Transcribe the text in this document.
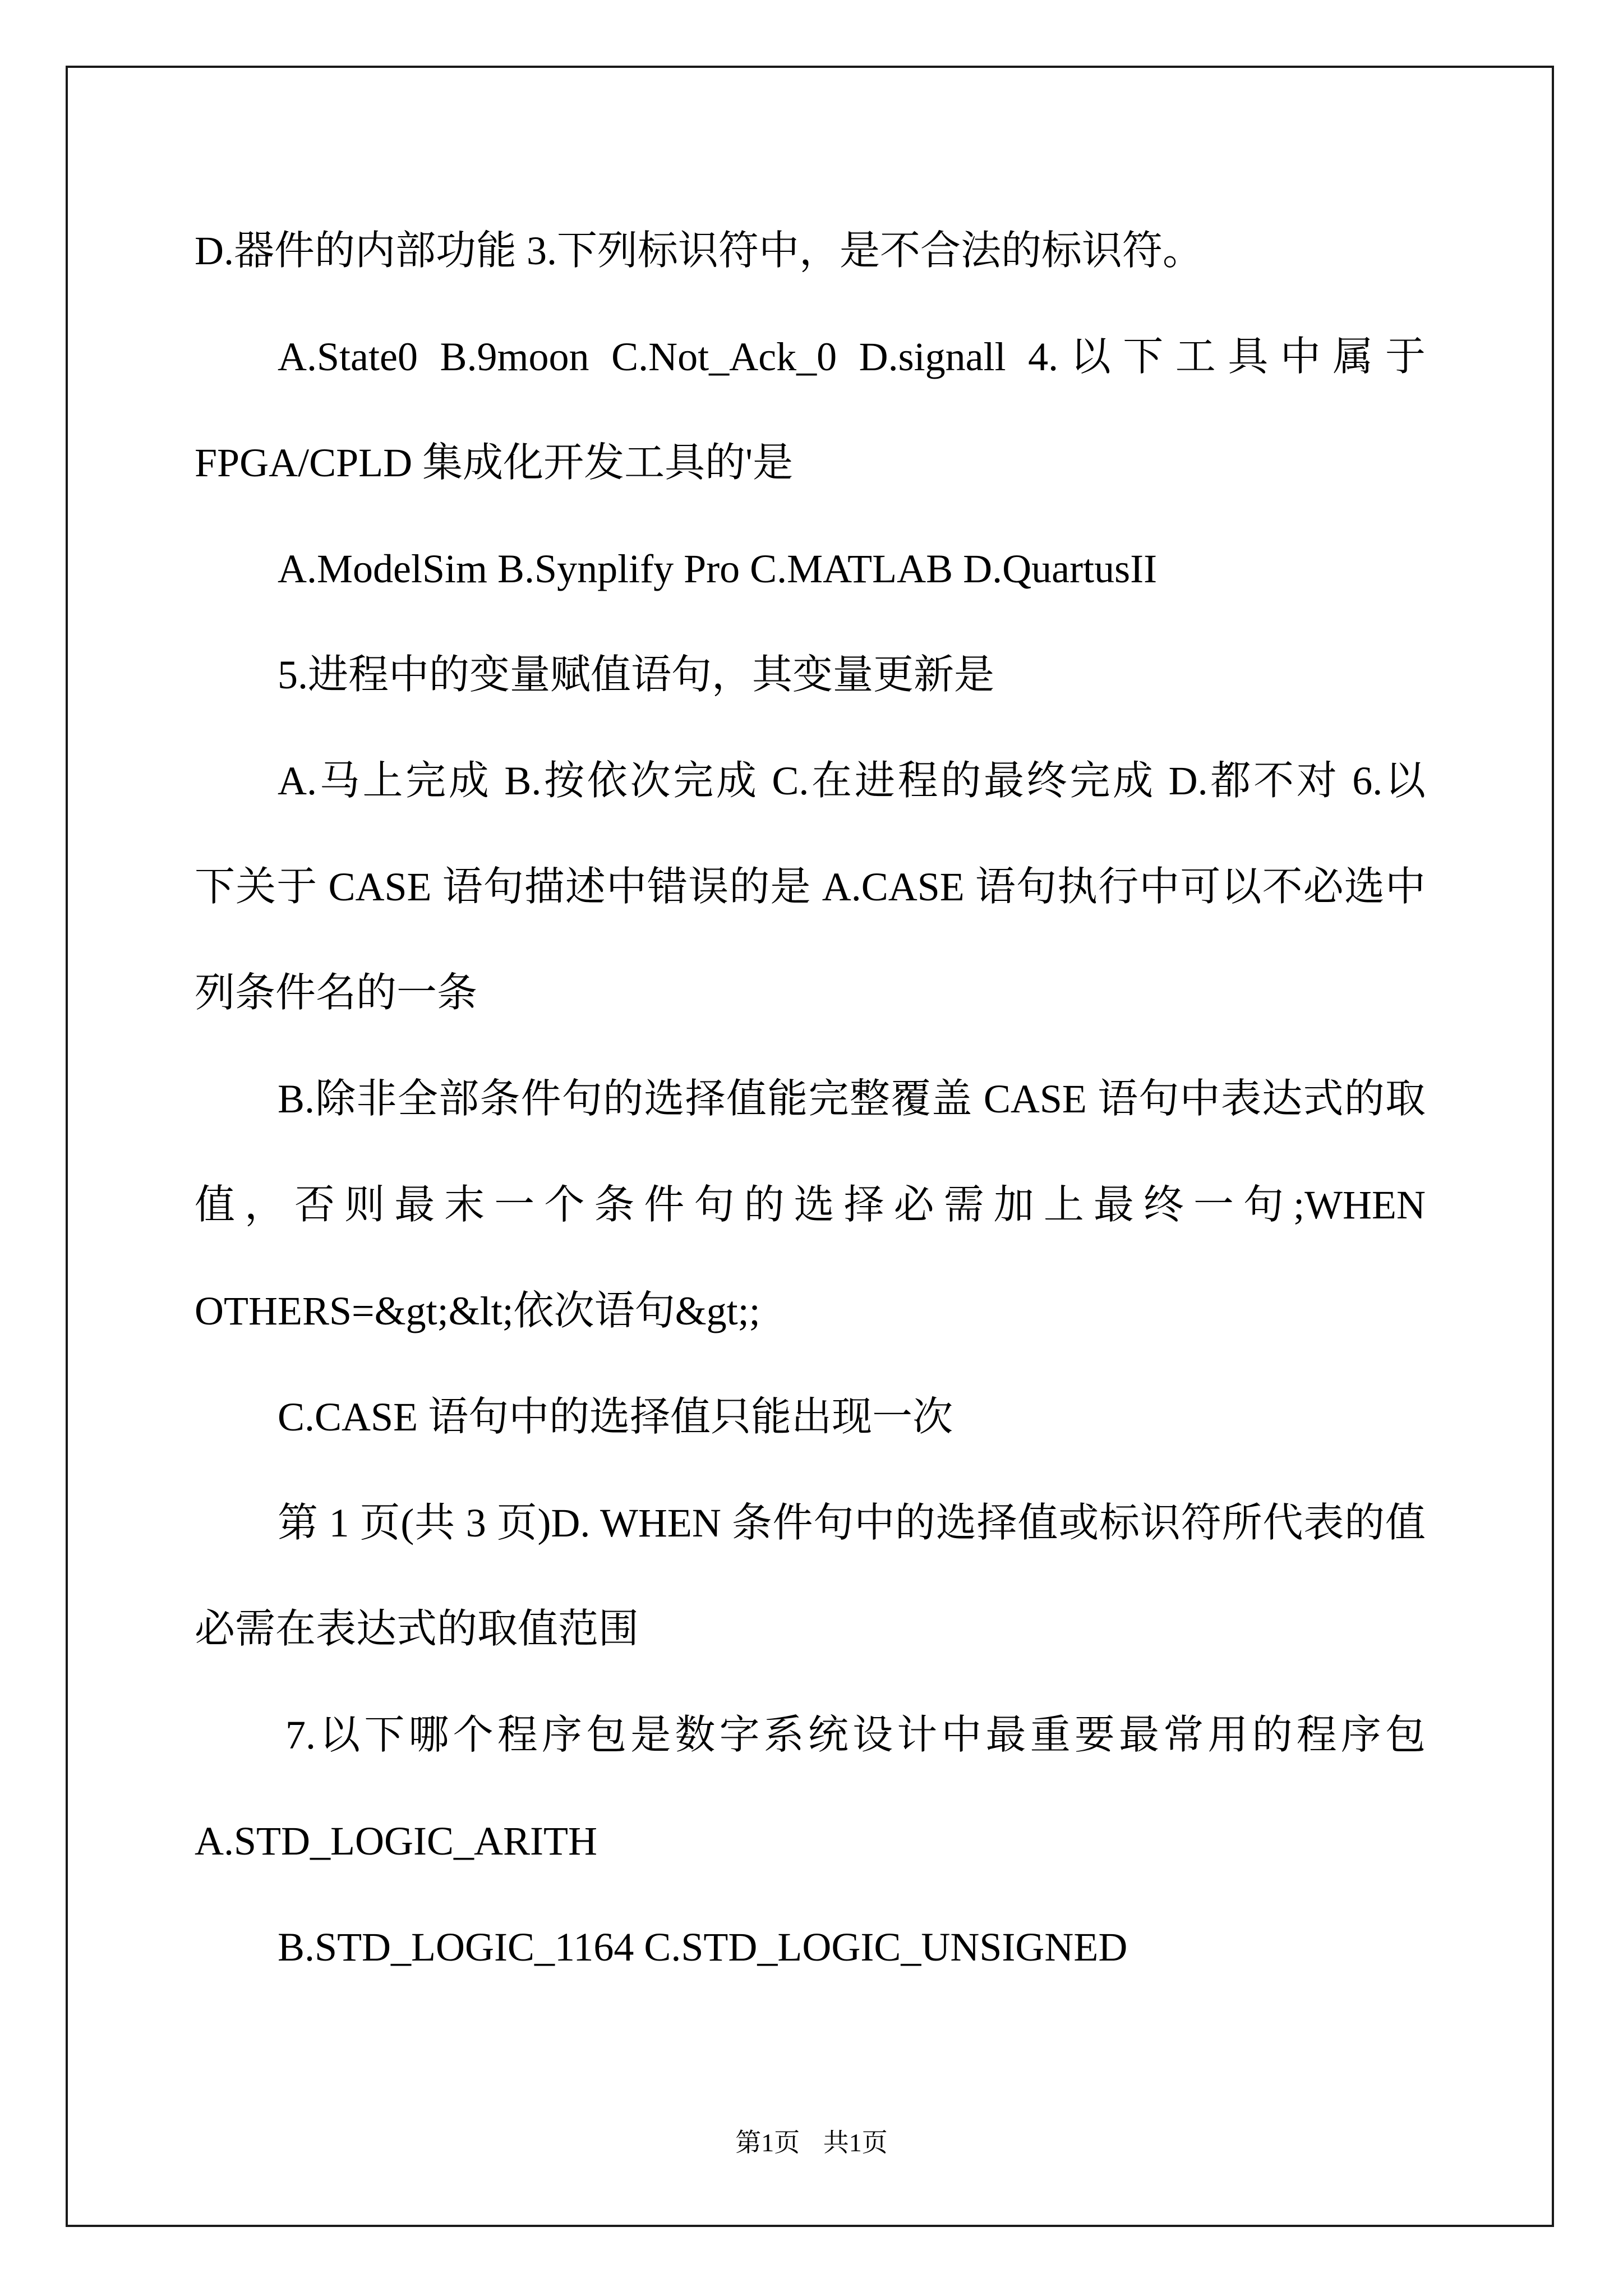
D.器件的内部功能 3.下列标识符中，是不合法的标识符。
A.State0 B.9moon C.Not_Ack_0 D.signall 4.以下工具中属于
FPGA/CPLD 集成化开发工具的'是
A.ModelSim B.Synplify Pro C.MATLAB D.QuartusII
5.进程中的变量赋值语句，其变量更新是
A.马上完成 B.按依次完成 C.在进程的最终完成 D.都不对 6.以
下关于 CASE 语句描述中错误的是 A.CASE 语句执行中可以不必选中
列条件名的一条
B.除非全部条件句的选择值能完整覆盖 CASE 语句中表达式的取
值，否则最末一个条件句的选择必需加上最终一句;WHEN
OTHERS=&gt;&lt;依次语句&gt;;
C.CASE 语句中的选择值只能出现一次
第 1 页(共 3 页)D. WHEN 条件句中的选择值或标识符所代表的值
必需在表达式的取值范围
7.以下哪个程序包是数字系统设计中最重要最常用的程序包
A.STD_LOGIC_ARITH
B.STD_LOGIC_1164 C.STD_LOGIC_UNSIGNED
第1页 共1页
